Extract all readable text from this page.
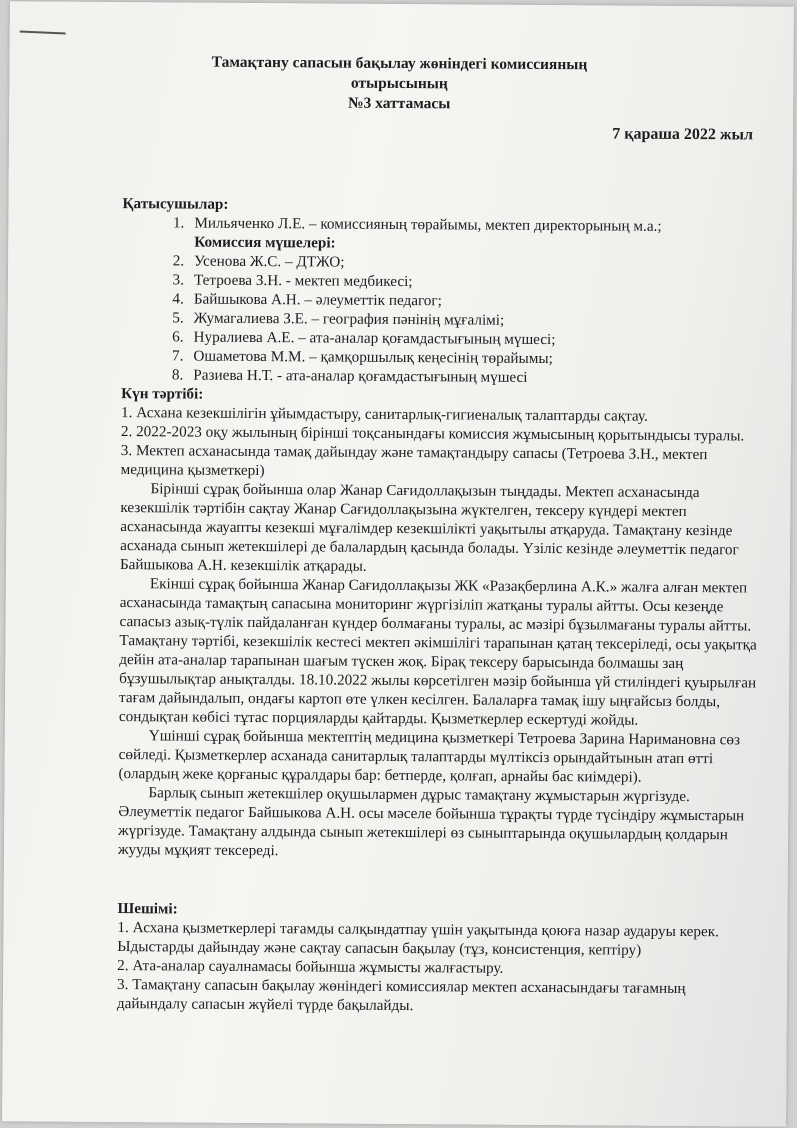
Тамақтану сапасын бақылау жөніндегі комиссияның
отырысының
№3 хаттамасы
7 қараша 2022 жыл
Қатысушылар:
1. Мильяченко Л.Е. – комиссияның төрайымы, мектеп директорының м.а.;
Комиссия мүшелері:
2. Усенова Ж.С. – ДТЖО;
3. Тетроева З.Н. - мектеп медбикесі;
4. Байшыкова А.Н. – әлеуметтік педагог;
5. Жумагалиева З.Е. – география пәнінің мұғалімі;
6. Нуралиева А.Е. – ата-аналар қоғамдастығының мүшесі;
7. Ошаметова М.М. – қамқоршылық кеңесінің төрайымы;
8. Разиева Н.Т. - ата-аналар қоғамдастығының мүшесі
Күн тәртібі:
1. Асхана кезекшілігін ұйымдастыру, санитарлық-гигиеналық талаптарды сақтау.
2. 2022-2023 оқу жылының бірінші тоқсанындағы комиссия жұмысының қорытындысы туралы.
3. Мектеп асханасында тамақ дайындау және тамақтандыру сапасы (Тетроева З.Н., мектеп медицина қызметкері)

Бірінші сұрақ бойынша олар Жанар Сағидоллақызын тыңдады. Мектеп асханасында кезекшілік тәртібін сақтау Жанар Сағидоллақызына жүктелген, тексеру күндері мектеп асханасында жауапты кезекші мұғалімдер кезекшілікті уақытылы атқаруда. Тамақтану кезінде асханада сынып жетекшілері де балалардың қасында болады. Үзіліс кезінде әлеуметтік педагог Байшыкова А.Н. кезекшілік атқарады.

Екінші сұрақ бойынша Жанар Сағидоллақызы ЖК «Разақберлина А.К.» жалға алған мектеп асханасында тамақтың сапасына мониторинг жүргізіліп жатқаны туралы айтты. Осы кезеңде сапасыз азық-түлік пайдаланған күндер болмағаны туралы, ас мәзірі бұзылмағаны туралы айтты. Тамақтану тәртібі, кезекшілік кестесі мектеп әкімшілігі тарапынан қатаң тексеріледі, осы уақытқа дейін ата-аналар тарапынан шағым түскен жоқ. Бірақ тексеру барысында болмашы заң бұзушылықтар анықталды. 18.10.2022 жылы көрсетілген мәзір бойынша үй стиліндегі қуырылған тағам дайындалып, ондағы картоп өте үлкен кесілген. Балаларға тамақ ішу ыңғайсыз болды, сондықтан көбісі тұтас порцияларды қайтарды. Қызметкерлер ескертуді жойды.

Үшінші сұрақ бойынша мектептің медицина қызметкері Тетроева Зарина Наримановна сөз сөйледі. Қызметкерлер асханада санитарлық талаптарды мүлтіксіз орындайтынын атап өтті (олардың жеке қорғаныс құралдары бар: бетперде, қолғап, арнайы бас киімдері).

Барлық сынып жетекшілер оқушылармен дұрыс тамақтану жұмыстарын жүргізуде. Әлеуметтік педагог Байшыкова А.Н. осы мәселе бойынша тұрақты түрде түсіндіру жұмыстарын жүргізуде. Тамақтану алдында сынып жетекшілері өз сыныптарында оқушылардың қолдарын жууды мұқият тексереді.

Шешімі:
1. Асхана қызметкерлері тағамды салқындатпау үшін уақытында қоюға назар аударуы керек. Ыдыстарды дайындау және сақтау сапасын бақылау (тұз, консистенция, кептіру)
2. Ата-аналар сауалнамасы бойынша жұмысты жалғастыру.
3. Тамақтану сапасын бақылау жөніндегі комиссиялар мектеп асханасындағы тағамның дайындалу сапасын жүйелі түрде бақылайды.
